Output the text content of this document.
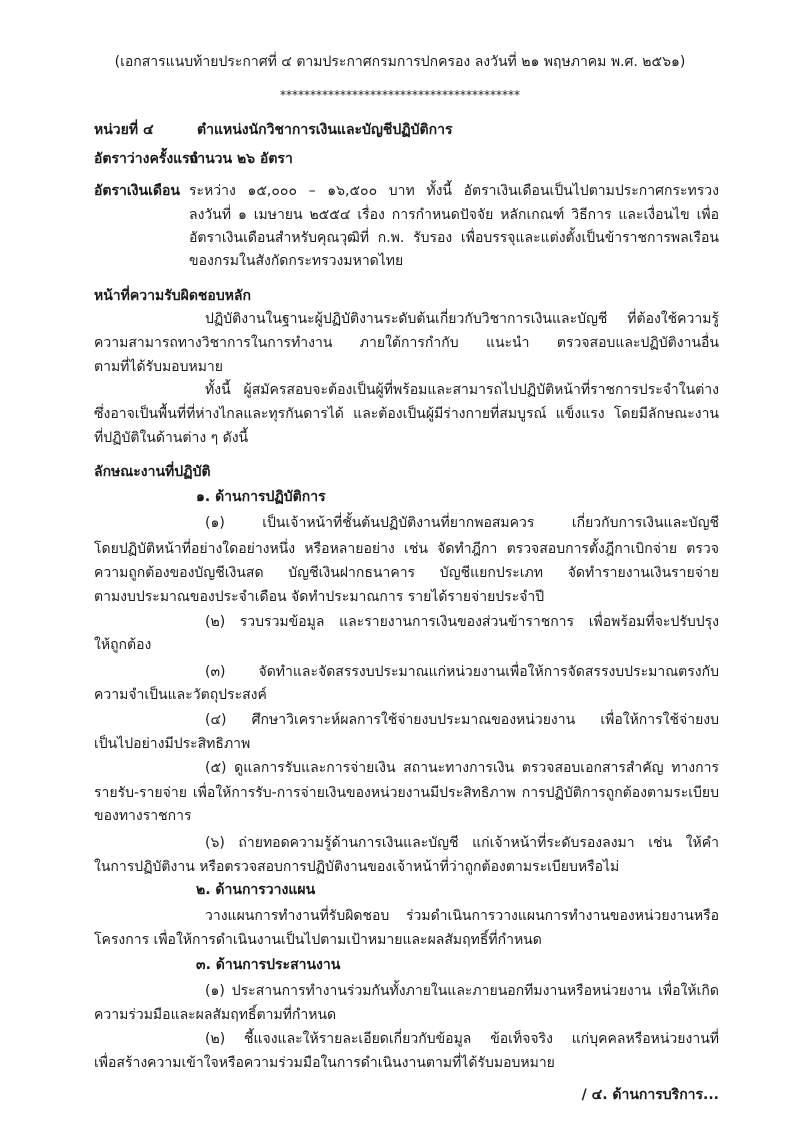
(เอกสารแนบท้ายประกาศที่ ๔ ตามประกาศกรมการปกครอง ลงวันที่ ๒๑ พฤษภาคม พ.ศ. ๒๕๖๑)
****************************************
หน่วยที่ ๔	ตำแหน่งนักวิชาการเงินและบัญชีปฏิบัติการ
อัตราว่างครั้งแรก
จำนวน ๒๖ อัตรา
อัตราเงินเดือน ระหว่าง ๑๕,๐๐๐ – ๑๖,๕๐๐ บาท ทั้งนี้ อัตราเงินเดือนเป็นไปตามประกาศกระทรวง
ลงวันที่ ๑ เมษายน ๒๕๕๔ เรื่อง การกำหนดปัจจัย หลักเกณฑ์ วิธีการ และเงื่อนไข เพื่อ
อัตราเงินเดือนสำหรับคุณวุฒิที่ ก.พ. รับรอง เพื่อบรรจุและแต่งตั้งเป็นข้าราชการพลเรือน
ของกรมในสังกัดกระทรวงมหาดไทย
หน้าที่ความรับผิดชอบหลัก
ปฏิบัติงานในฐานะผู้ปฏิบัติงานระดับต้นเกี่ยวกับวิชาการเงินและบัญชี ที่ต้องใช้ความรู้
ความสามารถทางวิชาการในการทำงาน ภายใต้การกำกับ แนะนำ ตรวจสอบและปฏิบัติงานอื่น
ตามที่ได้รับมอบหมาย
ทั้งนี้ ผู้สมัครสอบจะต้องเป็นผู้ที่พร้อมและสามารถไปปฏิบัติหน้าที่ราชการประจำในต่าง
ซึ่งอาจเป็นพื้นที่ที่ห่างไกลและทุรกันดารได้ และต้องเป็นผู้มีร่างกายที่สมบูรณ์ แข็งแรง โดยมีลักษณะงาน
ที่ปฏิบัติในด้านต่าง ๆ ดังนี้
ลักษณะงานที่ปฏิบัติ
๑. ด้านการปฏิบัติการ
(๑) เป็นเจ้าหน้าที่ชั้นต้นปฏิบัติงานที่ยากพอสมควร เกี่ยวกับการเงินและบัญชี
โดยปฏิบัติหน้าที่อย่างใดอย่างหนึ่ง หรือหลายอย่าง เช่น จัดทำฎีกา ตรวจสอบการตั้งฎีกาเบิกจ่าย ตรวจ
ความถูกต้องของบัญชีเงินสด บัญชีเงินฝากธนาคาร บัญชีแยกประเภท จัดทำรายงานเงินรายจ่าย
ตามงบประมาณของประจำเดือน จัดทำประมาณการ รายได้รายจ่ายประจำปี
(๒) รวบรวมข้อมูล และรายงานการเงินของส่วนข้าราชการ เพื่อพร้อมที่จะปรับปรุง
ให้ถูกต้อง
(๓) จัดทำและจัดสรรงบประมาณแก่หน่วยงานเพื่อให้การจัดสรรงบประมาณตรงกับ
ความจำเป็นและวัตถุประสงค์
(๔) ศึกษาวิเคราะห์ผลการใช้จ่ายงบประมาณของหน่วยงาน เพื่อให้การใช้จ่ายงบ
เป็นไปอย่างมีประสิทธิภาพ
(๕) ดูแลการรับและการจ่ายเงิน สถานะทางการเงิน ตรวจสอบเอกสารสำคัญ ทางการ
รายรับ-รายจ่าย เพื่อให้การรับ-การจ่ายเงินของหน่วยงานมีประสิทธิภาพ การปฏิบัติการถูกต้องตามระเบียบ
ของทางราชการ
(๖) ถ่ายทอดความรู้ด้านการเงินและบัญชี แก่เจ้าหน้าที่ระดับรองลงมา เช่น ให้คำ
ในการปฏิบัติงาน หรือตรวจสอบการปฏิบัติงานของเจ้าหน้าที่ว่าถูกต้องตามระเบียบหรือไม่
๒. ด้านการวางแผน
วางแผนการทำงานที่รับผิดชอบ ร่วมดำเนินการวางแผนการทำงานของหน่วยงานหรือ
โครงการ เพื่อให้การดำเนินงานเป็นไปตามเป้าหมายและผลสัมฤทธิ์ที่กำหนด
๓. ด้านการประสานงาน
(๑) ประสานการทำงานร่วมกันทั้งภายในและภายนอกทีมงานหรือหน่วยงาน เพื่อให้เกิด
ความร่วมมือและผลสัมฤทธิ์ตามที่กำหนด
(๒) ชี้แจงและให้รายละเอียดเกี่ยวกับข้อมูล ข้อเท็จจริง แก่บุคคลหรือหน่วยงานที่
เพื่อสร้างความเข้าใจหรือความร่วมมือในการดำเนินงานตามที่ได้รับมอบหมาย
/ ๔. ด้านการบริการ...
